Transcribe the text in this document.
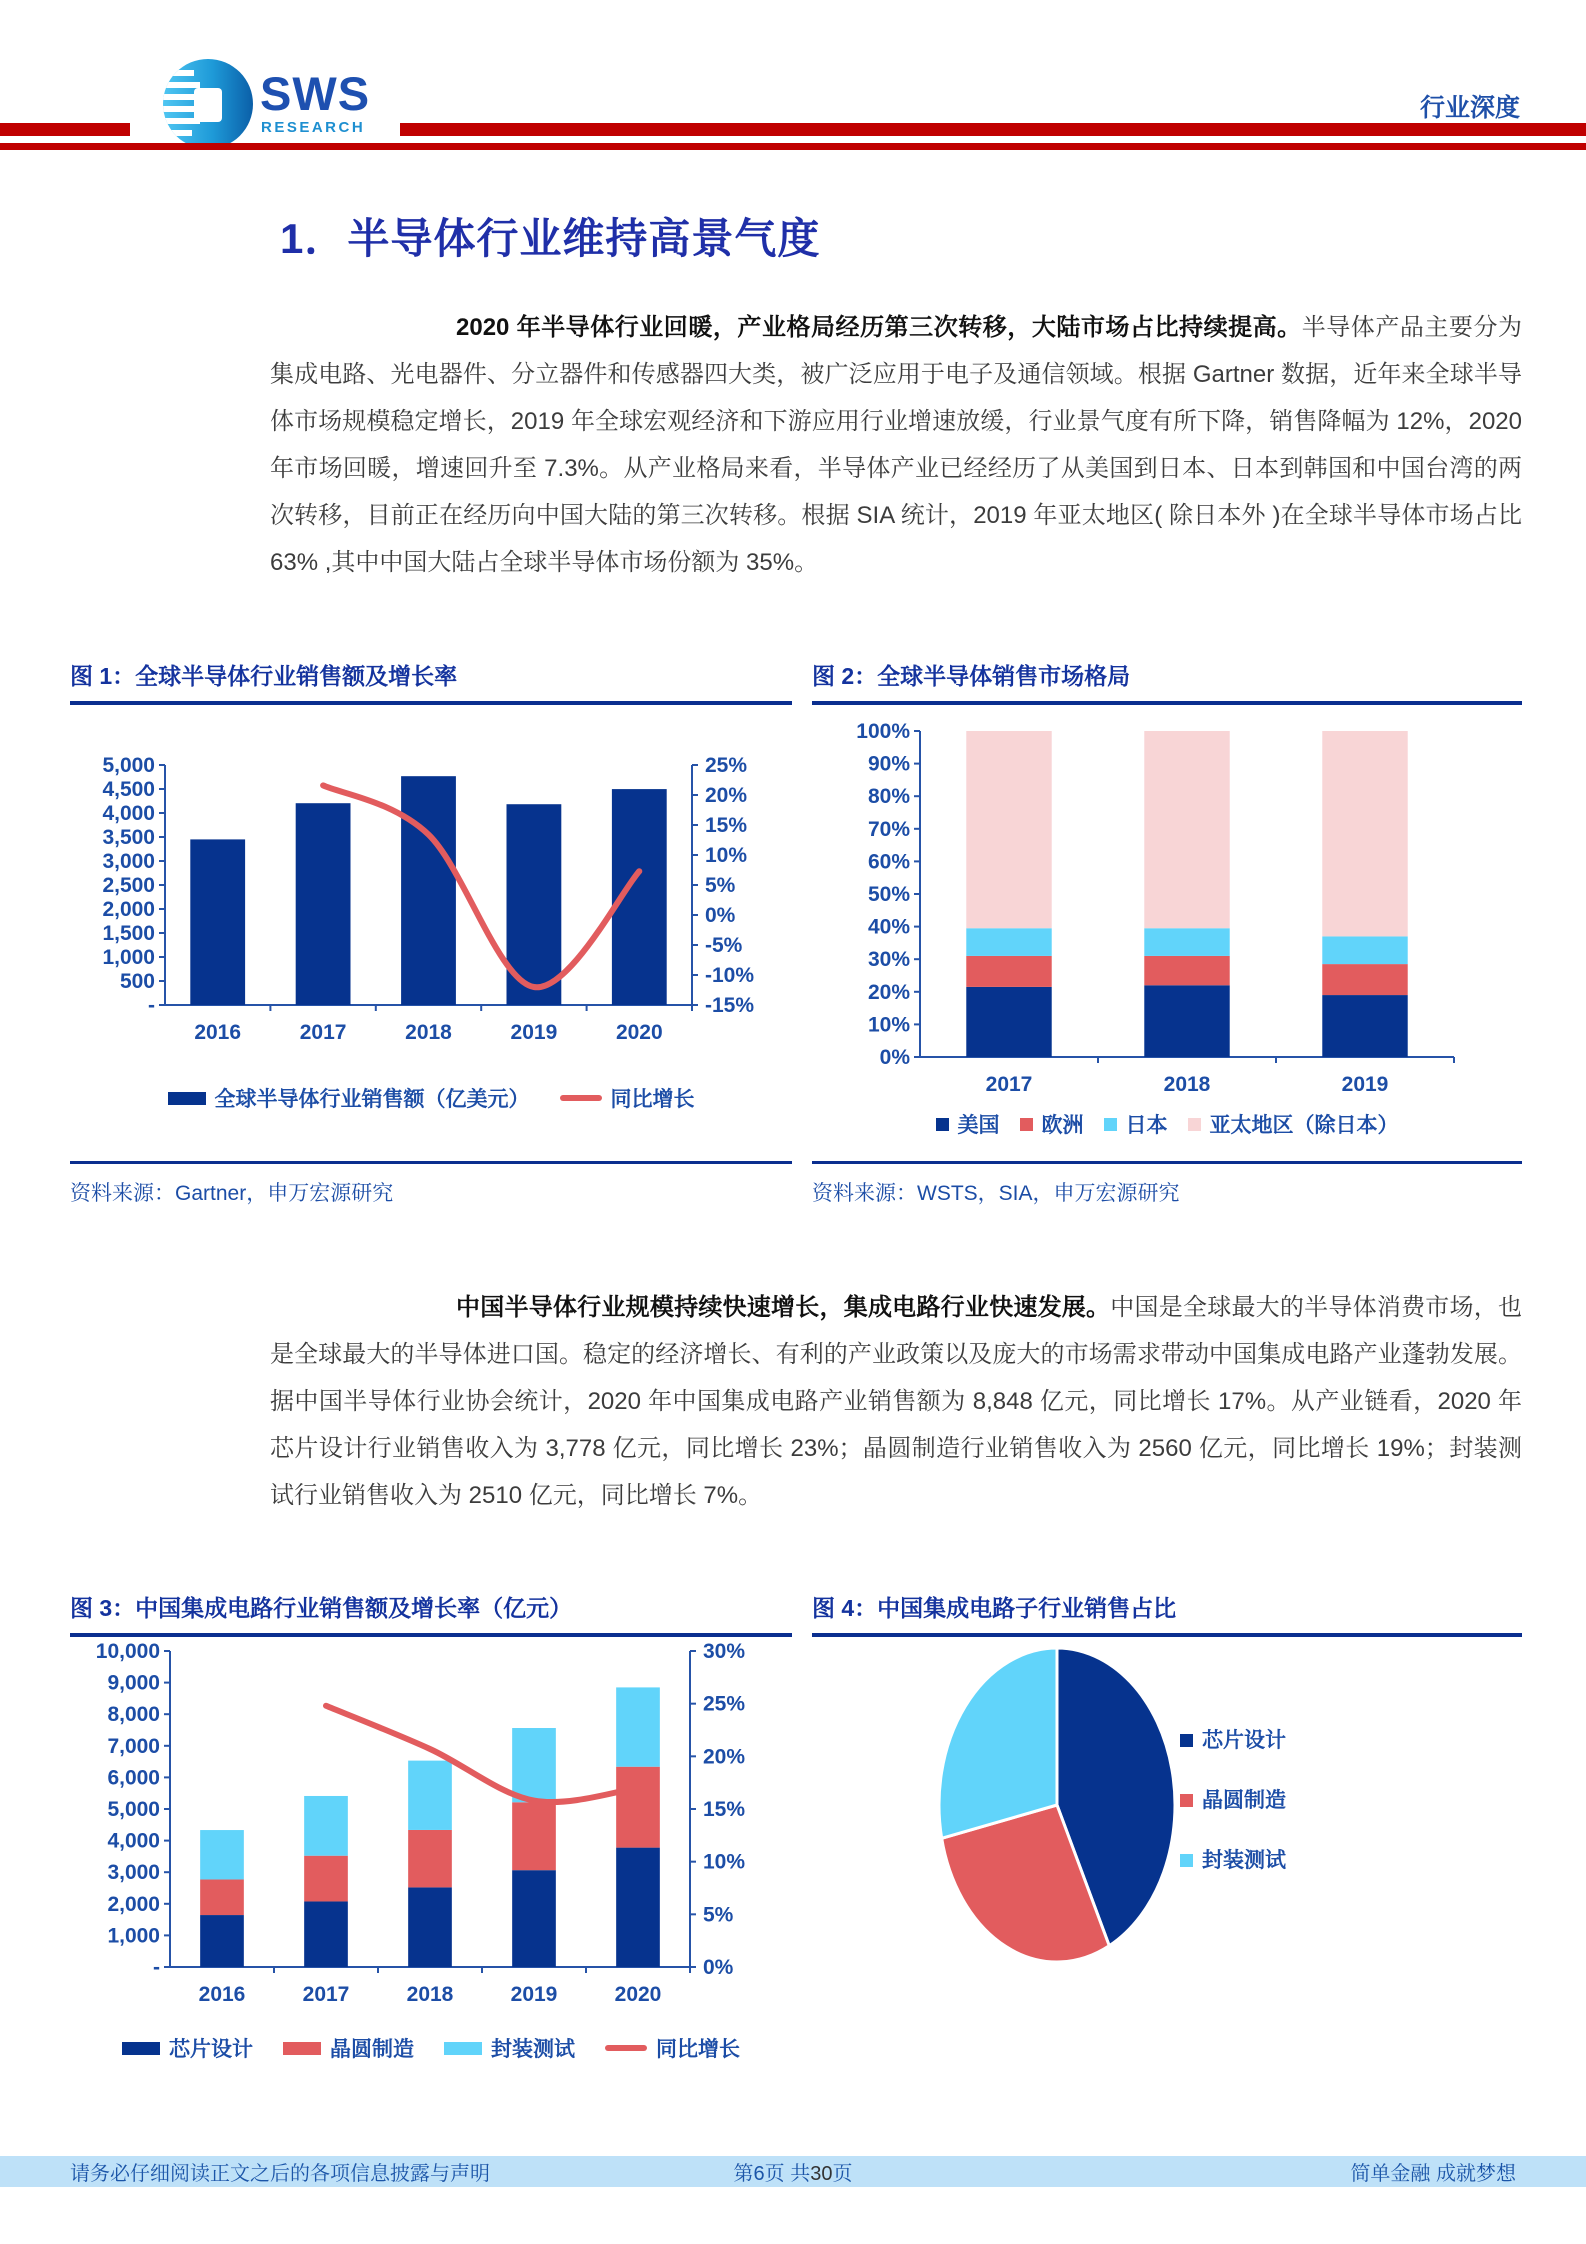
SWS
RESEARCH
行业深度
1．半导体行业维持高景气度

2020 年半导体行业回暖，产业格局经历第三次转移，大陆市场占比持续提高。半导体产品主要分为集成电路、光电器件、分立器件和传感器四大类，被广泛应用于电子及通信领域。根据 Gartner 数据，近年来全球半导体市场规模稳定增长，2019 年全球宏观经济和下游应用行业增速放缓，行业景气度有所下降，销售降幅为 12%，2020 年市场回暖，增速回升至 7.3%。从产业格局来看，半导体产业已经经历了从美国到日本、日本到韩国和中国台湾的两次转移，目前正在经历向中国大陆的第三次转移。根据 SIA 统计，2019 年亚太地区( 除日本外 )在全球半导体市场占比 63% ,其中中国大陆占全球半导体市场份额为 35%。

中国半导体行业规模持续快速增长，集成电路行业快速发展。中国是全球最大的半导体消费市场，也是全球最大的半导体进口国。稳定的经济增长、有利的产业政策以及庞大的市场需求带动中国集成电路产业蓬勃发展。据中国半导体行业协会统计，2020 年中国集成电路产业销售额为 8,848 亿元，同比增长 17%。从产业链看，2020 年芯片设计行业销售收入为 3,778 亿元，同比增长 23%；晶圆制造行业销售收入为 2560 亿元，同比增长 19%；封装测试行业销售收入为 2510 亿元，同比增长 7%。

图 1：全球半导体行业销售额及增长率
5,000
4,500
4,000
3,500
3,000
2,500
2,000
1,500
1,000
500
-
25%
20%
15%
10%
5%
0%
-5%
-10%
-15%
2016	2017	2018	2019	2020
全球半导体行业销售额（亿美元）	同比增长
资料来源：Gartner，申万宏源研究
图 2：全球半导体销售市场格局
100%
90%
80%
70%
60%
50%
40%
30%
20%
10%
0%
2017	2018	2019
美国 欧洲 日本 亚太地区（除日本）
资料来源：WSTS，SIA，申万宏源研究
图 3：中国集成电路行业销售额及增长率（亿元）
10,000
9,000
8,000
7,000
6,000
5,000
4,000
3,000
2,000
1,000
-
30%
25%
20%
15%
10%
5%
0%
2016	2017	2018	2019	2020
芯片设计	晶圆制造	封装测试	同比增长
图 4：中国集成电路子行业销售占比
芯片设计
晶圆制造
封装测试
请务必仔细阅读正文之后的各项信息披露与声明	第6页 共30页	简单金融 成就梦想
